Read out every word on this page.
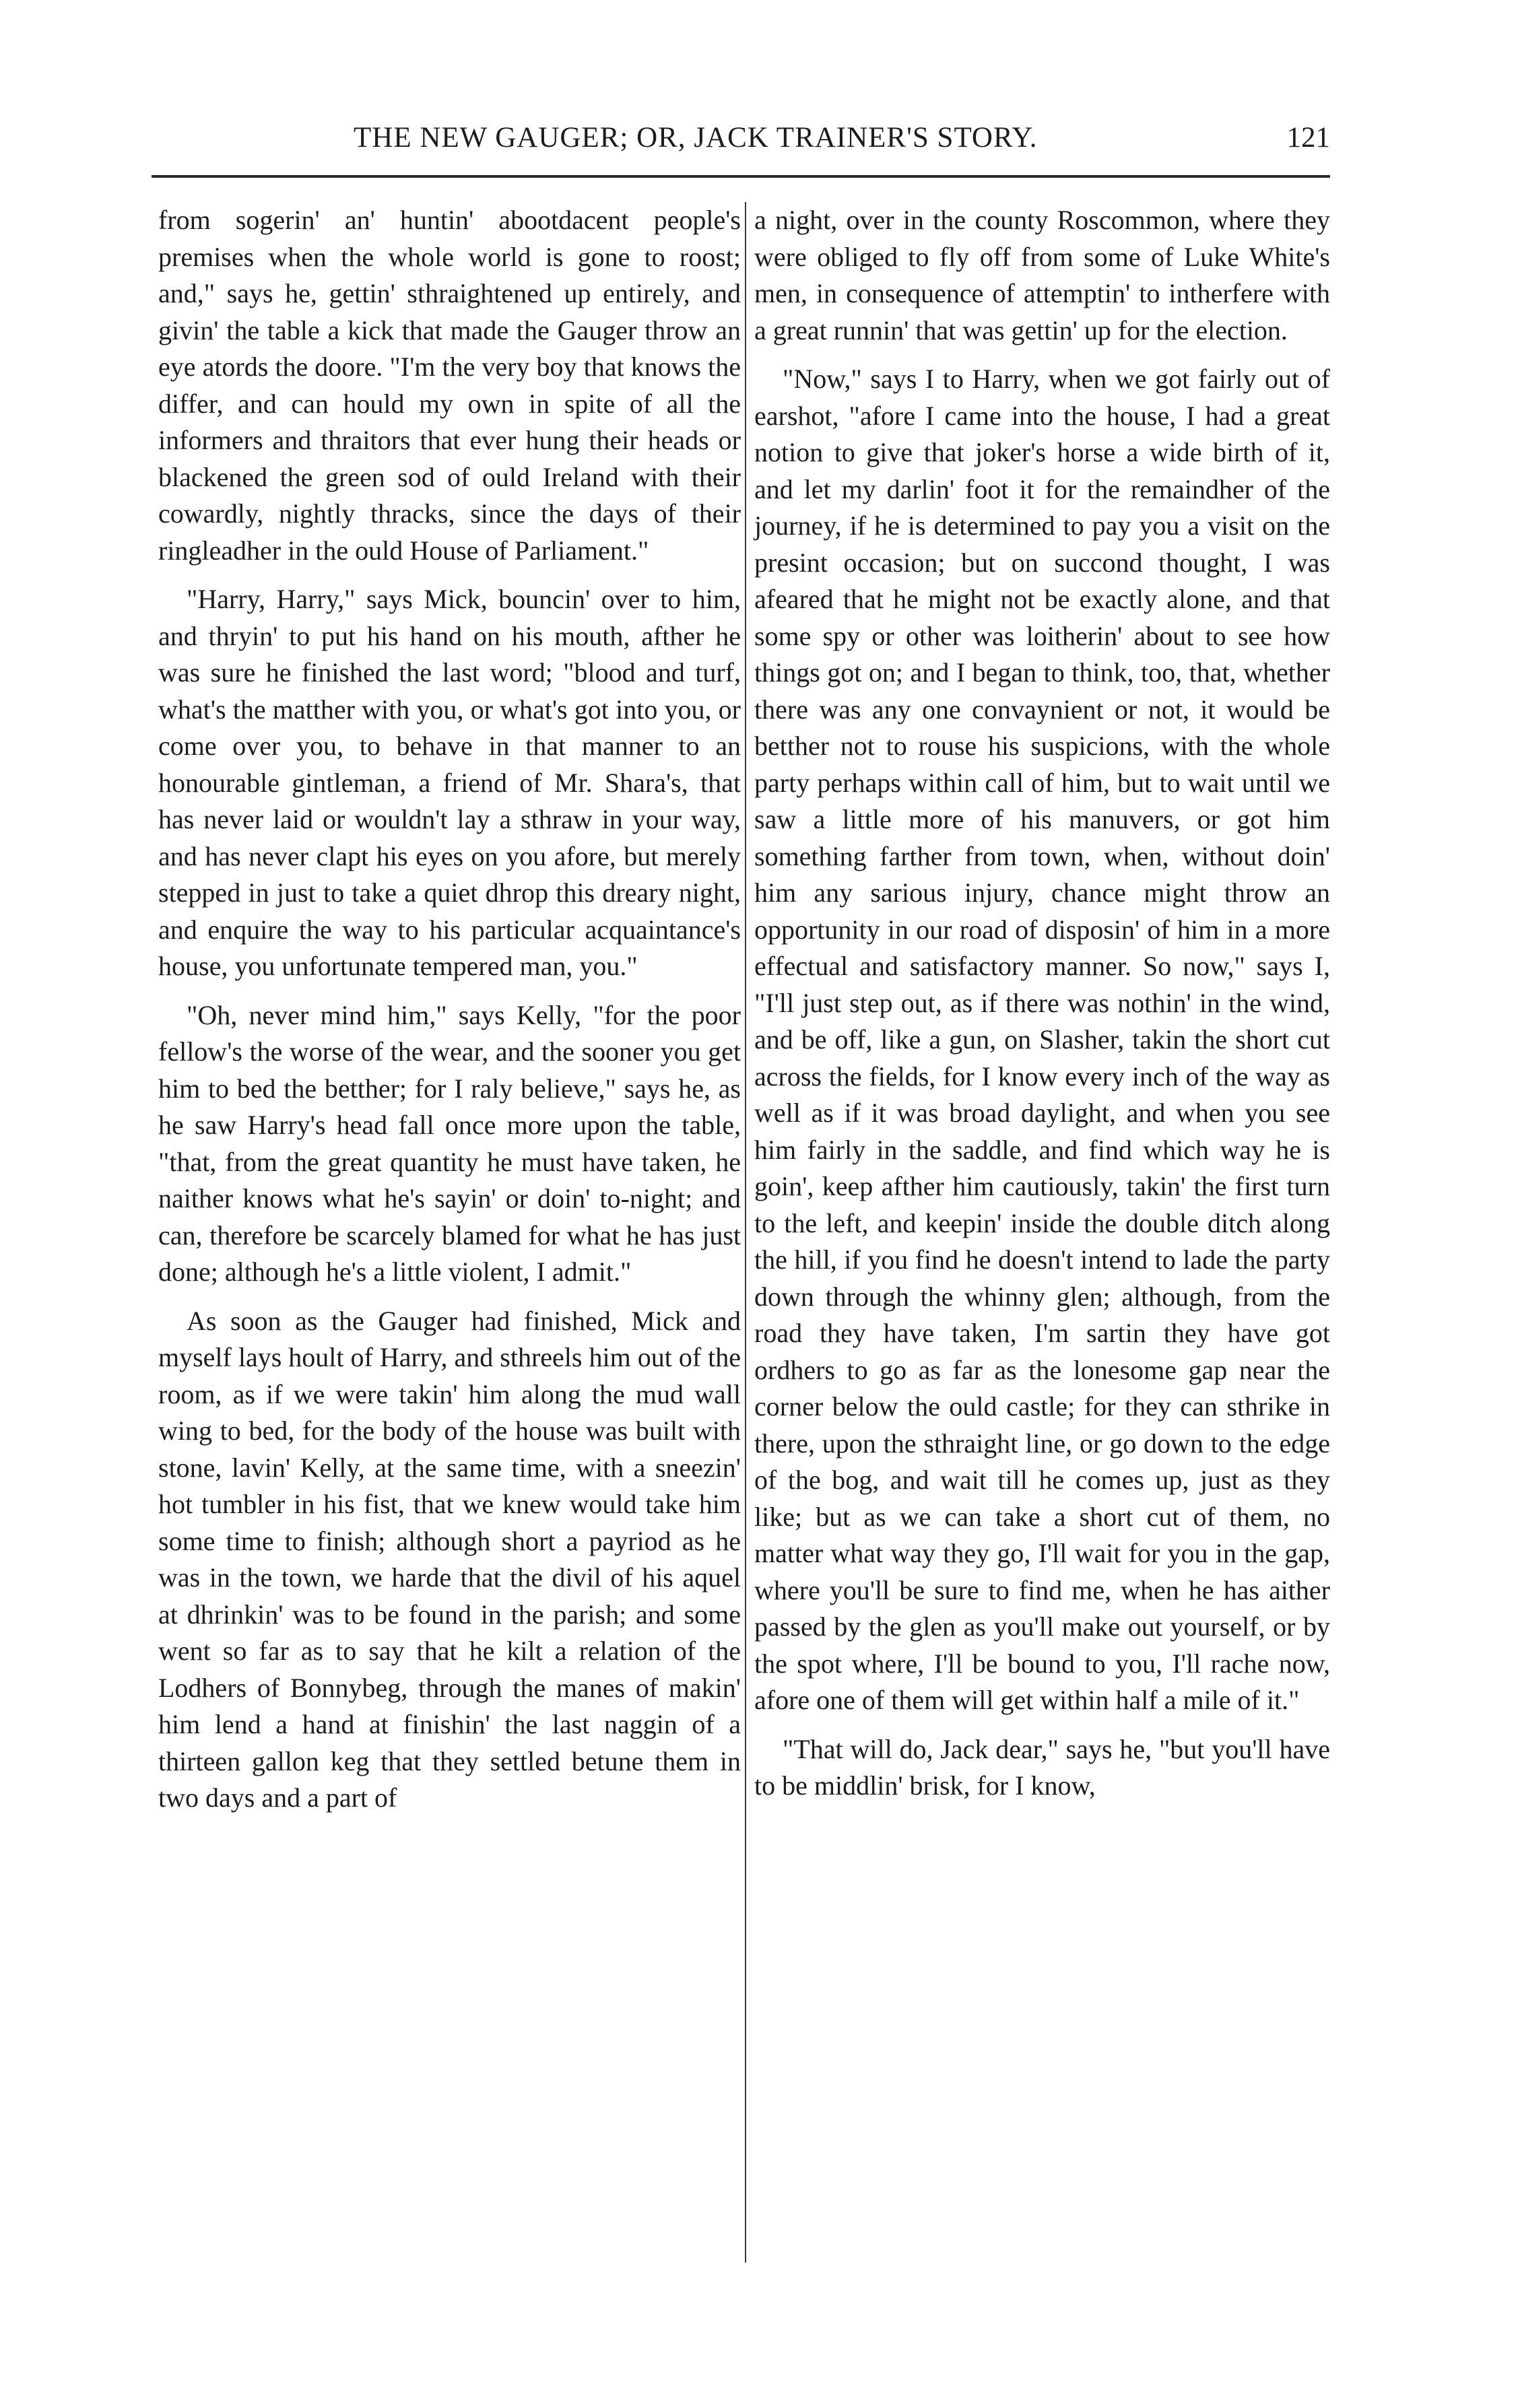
THE NEW GAUGER; OR, JACK TRAINER'S STORY.	121

from sogerin' an' huntin' abootdacent people's premises when the whole world is gone to roost; and," says he, gettin' sthraightened up entirely, and givin' the table a kick that made the Gauger throw an eye atords the doore. "I'm the very boy that knows the differ, and can hould my own in spite of all the informers and thraitors that ever hung their heads or blackened the green sod of ould Ireland with their cowardly, nightly thracks, since the days of their ringleadher in the ould House of Parliament."

"Harry, Harry," says Mick, bouncin' over to him, and thryin' to put his hand on his mouth, afther he was sure he finished the last word; "blood and turf, what's the matther with you, or what's got into you, or come over you, to behave in that manner to an honourable gintleman, a friend of Mr. Shara's, that has never laid or wouldn't lay a sthraw in your way, and has never clapt his eyes on you afore, but merely stepped in just to take a quiet dhrop this dreary night, and enquire the way to his particular acquaintance's house, you unfortunate tempered man, you."

"Oh, never mind him," says Kelly, "for the poor fellow's the worse of the wear, and the sooner you get him to bed the betther; for I raly believe," says he, as he saw Harry's head fall once more upon the table, "that, from the great quantity he must have taken, he naither knows what he's sayin' or doin' to-night; and can, therefore be scarcely blamed for what he has just done; although he's a little violent, I admit."

As soon as the Gauger had finished, Mick and myself lays hoult of Harry, and sthreels him out of the room, as if we were takin' him along the mud wall wing to bed, for the body of the house was built with stone, lavin' Kelly, at the same time, with a sneezin' hot tumbler in his fist, that we knew would take him some time to finish; although short a payriod as he was in the town, we harde that the divil of his aquel at dhrinkin' was to be found in the parish; and some went so far as to say that he kilt a relation of the Lodhers of Bonnybeg, through the manes of makin' him lend a hand at finishin' the last naggin of a thirteen gallon keg that they settled betune them in two days and a part of

a night, over in the county Roscommon, where they were obliged to fly off from some of Luke White's men, in consequence of attemptin' to intherfere with a great runnin' that was gettin' up for the election.

"Now," says I to Harry, when we got fairly out of earshot, "afore I came into the house, I had a great notion to give that joker's horse a wide birth of it, and let my darlin' foot it for the remaindher of the journey, if he is determined to pay you a visit on the presint occasion; but on succond thought, I was afeared that he might not be exactly alone, and that some spy or other was loitherin' about to see how things got on; and I began to think, too, that, whether there was any one convaynient or not, it would be betther not to rouse his suspicions, with the whole party perhaps within call of him, but to wait until we saw a little more of his manuvers, or got him something farther from town, when, without doin' him any sarious injury, chance might throw an opportunity in our road of disposin' of him in a more effectual and satisfactory manner. So now," says I, "I'll just step out, as if there was nothin' in the wind, and be off, like a gun, on Slasher, takin the short cut across the fields, for I know every inch of the way as well as if it was broad daylight, and when you see him fairly in the saddle, and find which way he is goin', keep afther him cautiously, takin' the first turn to the left, and keepin' inside the double ditch along the hill, if you find he doesn't intend to lade the party down through the whinny glen; although, from the road they have taken, I'm sartin they have got ordhers to go as far as the lonesome gap near the corner below the ould castle; for they can sthrike in there, upon the sthraight line, or go down to the edge of the bog, and wait till he comes up, just as they like; but as we can take a short cut of them, no matter what way they go, I'll wait for you in the gap, where you'll be sure to find me, when he has aither passed by the glen as you'll make out yourself, or by the spot where, I'll be bound to you, I'll rache now, afore one of them will get within half a mile of it."

"That will do, Jack dear," says he, "but you'll have to be middlin' brisk, for I know,
